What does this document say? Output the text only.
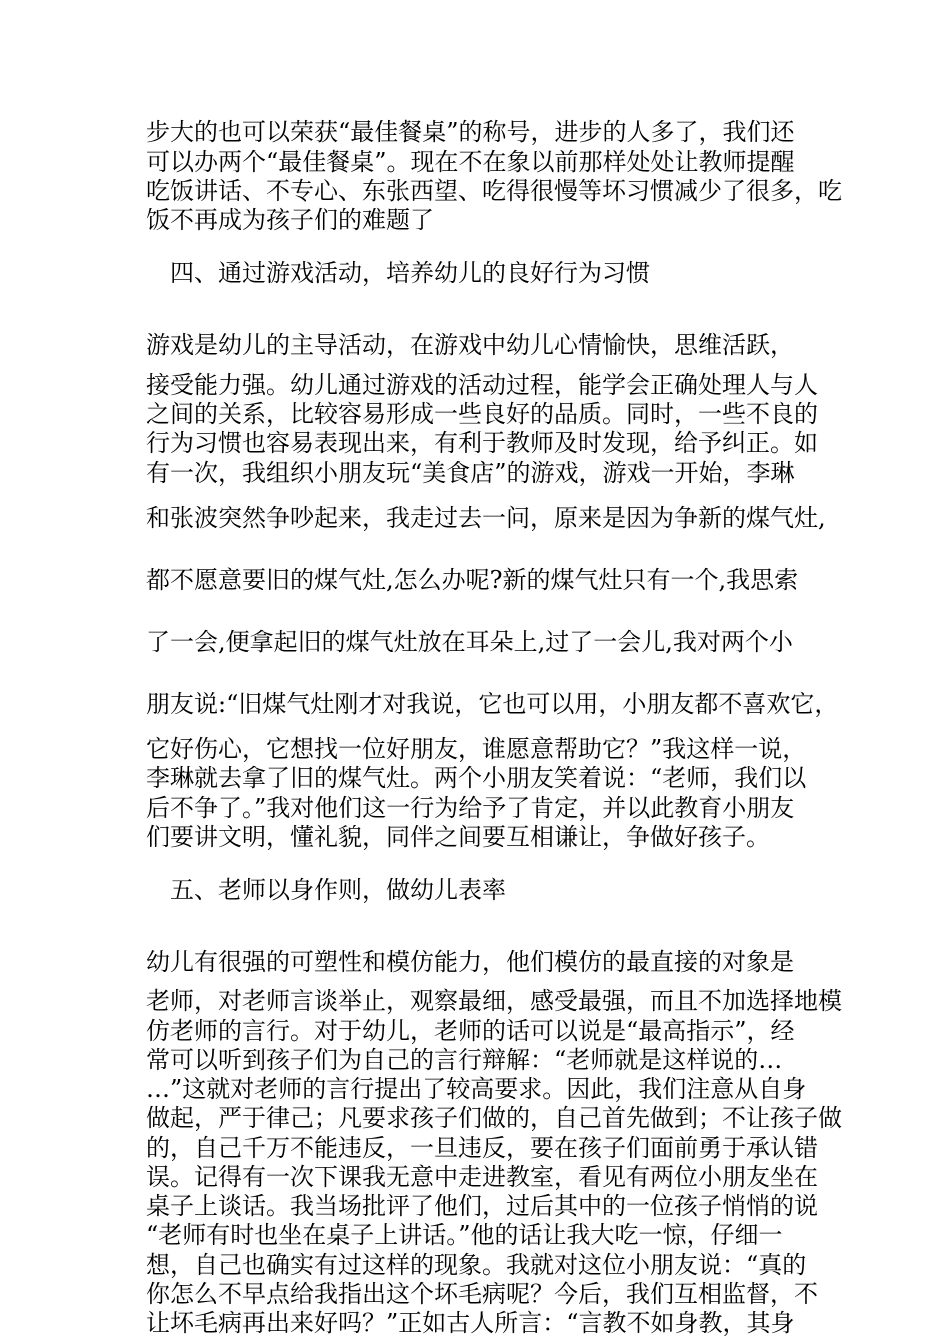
步大的也可以荣获“最佳餐桌”的称号，进步的人多了，我们还
可以办两个“最佳餐桌”。现在不在象以前那样处处让教师提醒
吃饭讲话、不专心、东张西望、吃得很慢等坏习惯减少了很多，吃
饭不再成为孩子们的难题了
四、通过游戏活动，培养幼儿的良好行为习惯
游戏是幼儿的主导活动，在游戏中幼儿心情愉快，思维活跃，
接受能力强。幼儿通过游戏的活动过程，能学会正确处理人与人
之间的关系，比较容易形成一些良好的品质。同时，一些不良的
行为习惯也容易表现出来，有利于教师及时发现，给予纠正。如
有一次，我组织小朋友玩“美食店”的游戏，游戏一开始，李琳
和张波突然争吵起来，我走过去一问，原来是因为争新的煤气灶,
都不愿意要旧的煤气灶,怎么办呢?新的煤气灶只有一个,我思索
了一会,便拿起旧的煤气灶放在耳朵上,过了一会儿,我对两个小
朋友说:“旧煤气灶刚才对我说，它也可以用，小朋友都不喜欢它，
它好伤心，它想找一位好朋友，谁愿意帮助它？”我这样一说，
李琳就去拿了旧的煤气灶。两个小朋友笑着说：“老师，我们以
后不争了。”我对他们这一行为给予了肯定，并以此教育小朋友
们要讲文明，懂礼貌，同伴之间要互相谦让，争做好孩子。
五、老师以身作则，做幼儿表率
幼儿有很强的可塑性和模仿能力，他们模仿的最直接的对象是
老师，对老师言谈举止，观察最细，感受最强，而且不加选择地模
仿老师的言行。对于幼儿，老师的话可以说是“最高指示”，经
常可以听到孩子们为自己的言行辩解：“老师就是这样说的…
…”这就对老师的言行提出了较高要求。因此，我们注意从自身
做起，严于律己；凡要求孩子们做的，自己首先做到；不让孩子做
的，自己千万不能违反，一旦违反，要在孩子们面前勇于承认错
误。记得有一次下课我无意中走进教室，看见有两位小朋友坐在
桌子上谈话。我当场批评了他们，过后其中的一位孩子悄悄的说
“老师有时也坐在桌子上讲话。”他的话让我大吃一惊，仔细一
想，自己也确实有过这样的现象。我就对这位小朋友说：“真的
你怎么不早点给我指出这个坏毛病呢？今后，我们互相监督，不
让坏毛病再出来好吗？”正如古人所言：“言教不如身教，其身
